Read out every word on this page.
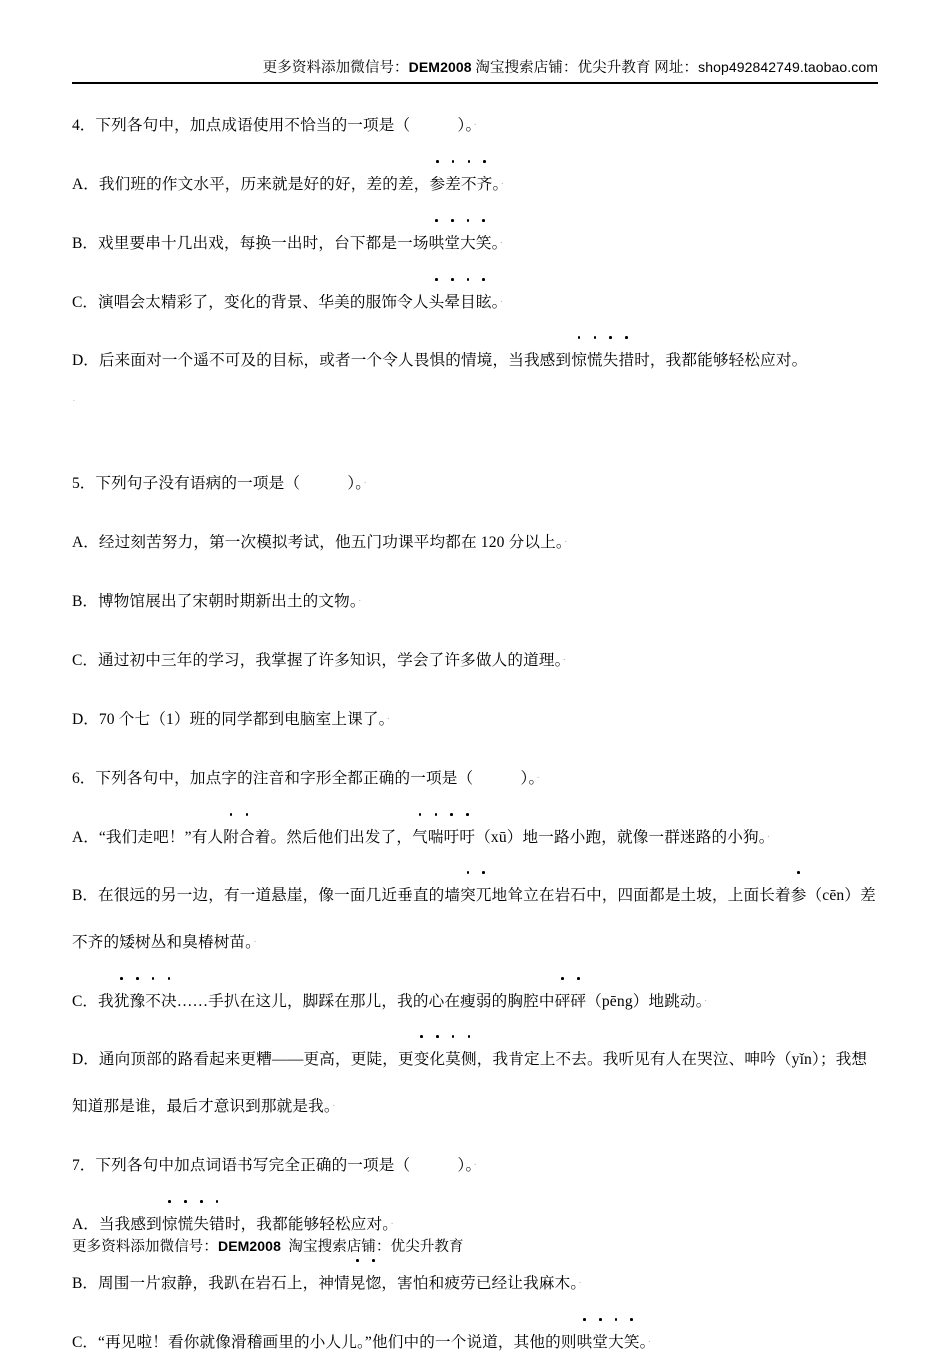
更多资料添加微信号：DEM2008 淘宝搜索店铺：优尖升教育 网址：shop492842749.taobao.com
4．下列各句中，加点成语使用不恰当的一项是（　　　	）。·
A．我们班的作文水平，历来就是好的好，差的差，参差不齐。·
B．戏里要串十几出戏，每换一出时，台下都是一场哄堂大笑。·
C．演唱会太精彩了，变化的背景、华美的服饰令人头晕目眩。·
D．后来面对一个遥不可及的目标，或者一个令人畏惧的情境，当我感到惊慌失措时，我都能够轻松应对。
·
5．下列句子没有语病的一项是（　　　	）。·
A．经过刻苦努力，第一次模拟考试，他五门功课平均都在 120 分以上。·
B．博物馆展出了宋朝时期新出土的文物。·
C．通过初中三年的学习，我掌握了许多知识，学会了许多做人的道理。·
D．70 个七（1）班的同学都到电脑室上课了。·
6．下列各句中，加点字的注音和字形全都正确的一项是（　　　	）。·
A．“我们走吧！”有人附合着。然后他们出发了，气喘吁吁（xū）地一路小跑，就像一群迷路的小狗。·
B．在很远的另一边，有一道悬崖，像一面几近垂直的墙突兀地耸立在岩石中，四面都是土坡，上面长着参（cēn）差不齐的矮树丛和臭椿树苗。·
C．我犹豫不决……手扒在这儿，脚踩在那儿，我的心在瘦弱的胸腔中砰砰（pēng）地跳动。·
D．通向顶部的路看起来更糟——更高，更陡，更变化莫侧，我肯定上不去。我听见有人在哭泣、呻吟（yǐn）；我想知道那是谁，最后才意识到那就是我。·
7．下列各句中加点词语书写完全正确的一项是（　　　	）。·
A．当我感到惊慌失错时，我都能够轻松应对。·
B．周围一片寂静，我趴在岩石上，神情晃惚，害怕和疲劳已经让我麻木。·
C．“再见啦！看你就像滑稽画里的小人儿。”他们中的一个说道，其他的则哄堂大笑。·
更多资料添加微信号：DEM2008 淘宝搜索店铺：优尖升教育
